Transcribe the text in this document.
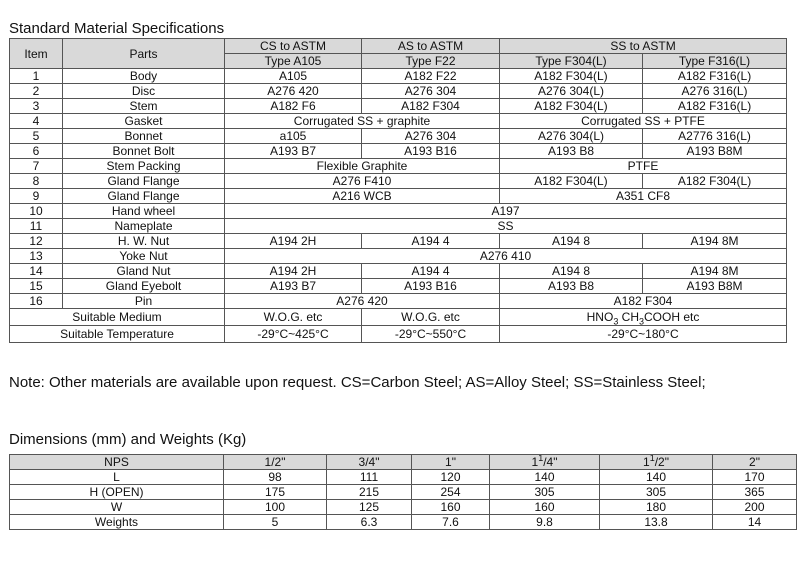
Standard Material Specifications
Item	Parts	CS to ASTM	AS to ASTM	SS to ASTM	
		Type A105	Type F22	Type F304(L)	Type F316(L)
1	Body	A105	A182 F22	A182 F304(L)	A182 F316(L)
2	Disc	A276 420	A276 304	A276 304(L)	A276 316(L)
3	Stem	A182 F6	A182 F304	A182 F304(L)	A182 F316(L)
4	Gasket	Corrugated SS + graphite		Corrugated SS + PTFE	
5	Bonnet	a105	A276 304	A276 304(L)	A2776 316(L)
6	Bonnet Bolt	A193 B7	A193 B16	A193 B8	A193 B8M
7	Stem Packing	Flexible Graphite		PTFE	
8	Gland Flange	A276 F410		A182 F304(L)	A182 F304(L)
9	Gland Flange	A216 WCB		A351 CF8	
10	Hand wheel	A197			
11	Nameplate	SS			
12	H. W. Nut	A194 2H	A194 4	A194 8	A194 8M
13	Yoke Nut	A276 410			
14	Gland Nut	A194 2H	A194 4	A194 8	A194 8M
15	Gland Eyebolt	A193 B7	A193 B16	A193 B8	A193 B8M
16	Pin	A276 420		A182 F304	
Suitable Medium		W.O.G. etc	W.O.G. etc	$HNO_3$ $CH_3COOH$ etc	
Suitable Temperature		-29°C~425°C	-29°C~550°C	-29°C~180°C	

Note: Other materials are available upon request. CS=Carbon Steel; AS=Alloy Steel; SS=Stainless Steel;

Dimensions (mm) and Weights (Kg)
NPS	1/2"	3/4"	1"	$1^1/4$"	$1^1/2$"	2"
L	98	111	120	140	140	170
H (OPEN)	175	215	254	305	305	365
W	100	125	160	160	180	200
Weights	5	6.3	7.6	9.8	13.8	14
